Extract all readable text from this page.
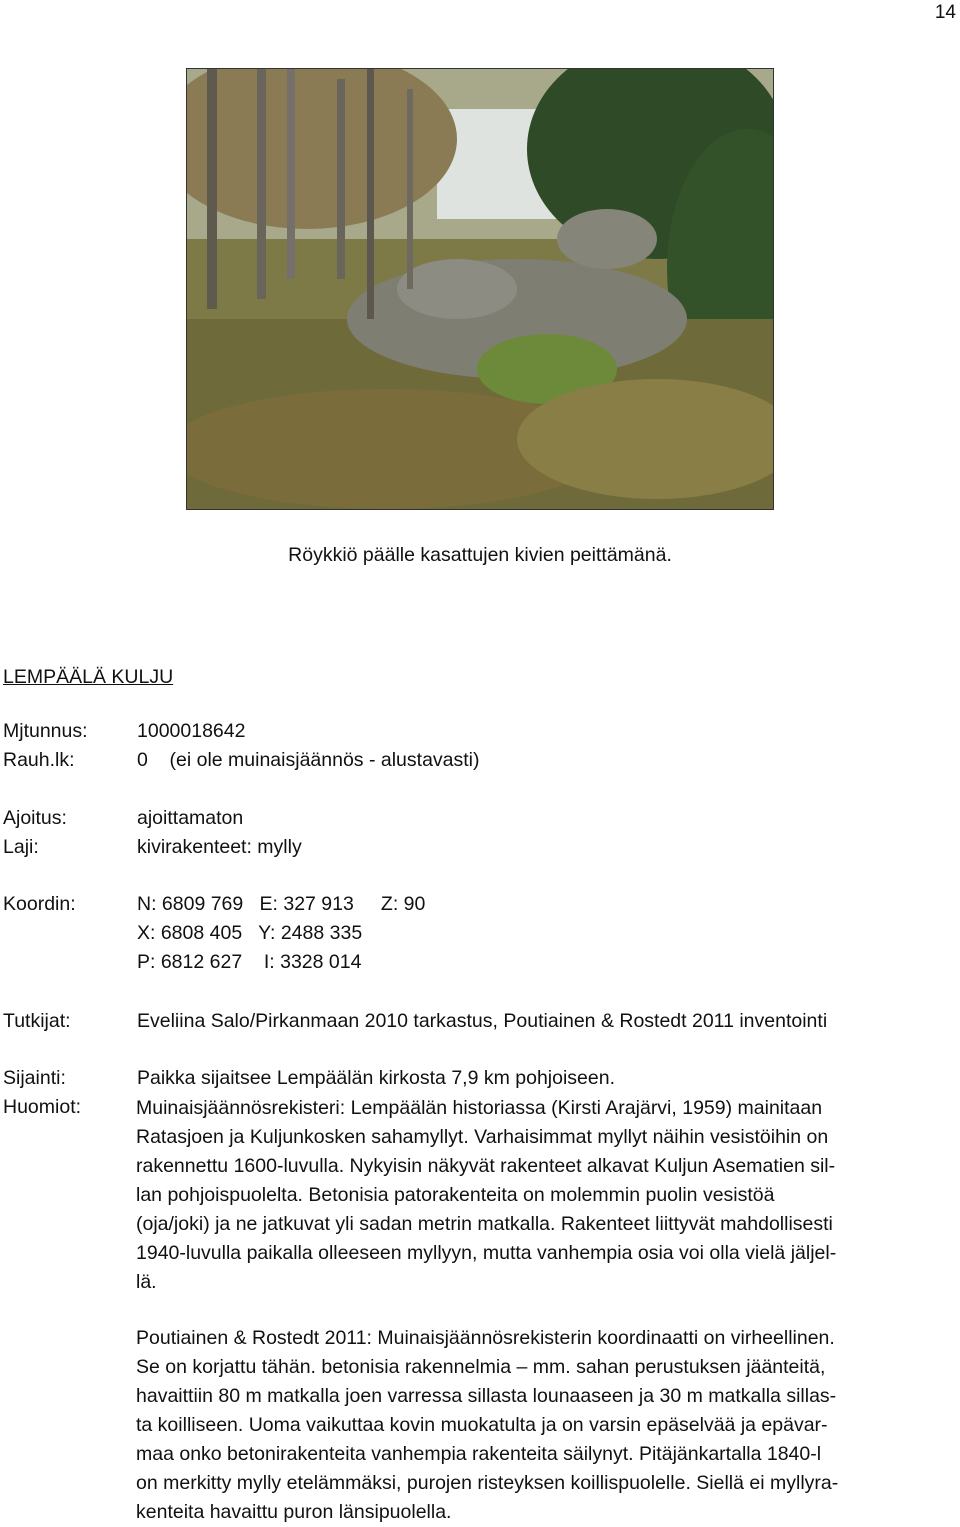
14
Röykkiö päälle kasattujen kivien peittämänä.
LEMPÄÄLÄ KULJU
Mjtunnus:	1000018642
Rauh.lk:	0    (ei ole muinaisjäännös - alustavasti)
Ajoitus:	ajoittamaton
Laji:	kivirakenteet: mylly
Koordin:	N: 6809 769   E: 327 913     Z: 90
X: 6808 405   Y: 2488 335
P: 6812 627    I: 3328 014
Tutkijat:	Eveliina Salo/Pirkanmaan 2010 tarkastus, Poutiainen & Rostedt 2011 inventointi
Sijainti:	Paikka sijaitsee Lempäälän kirkosta 7,9 km pohjoiseen.
Huomiot:	Muinaisjäännösrekisteri: Lempäälän historiassa (Kirsti Arajärvi, 1959) mainitaan

Ratasjoen ja Kuljunkosken sahamyllyt. Varhaisimmat myllyt näihin vesistöihin on

rakennettu 1600-luvulla. Nykyisin näkyvät rakenteet alkavat Kuljun Asematien sil-

lan pohjoispuolelta. Betonisia patorakenteita on molemmin puolin vesistöä

(oja/joki) ja ne jatkuvat yli sadan metrin matkalla. Rakenteet liittyvät mahdollisesti

1940-luvulla paikalla olleeseen myllyyn, mutta vanhempia osia voi olla vielä jäljel-

lä.

Poutiainen & Rostedt 2011: Muinaisjäännösrekisterin koordinaatti on virheellinen.

Se on korjattu tähän. betonisia rakennelmia – mm. sahan perustuksen jäänteitä,

havaittiin 80 m matkalla joen varressa sillasta lounaaseen ja 30 m matkalla sillas-

ta koilliseen. Uoma vaikuttaa kovin muokatulta ja on varsin epäselvää ja epävar-

maa onko betonirakenteita vanhempia rakenteita säilynyt. Pitäjänkartalla 1840-l

on merkitty mylly etelämmäksi, purojen risteyksen koillispuolelle. Siellä ei myllyra-

kenteita havaittu puron länsipuolella.
